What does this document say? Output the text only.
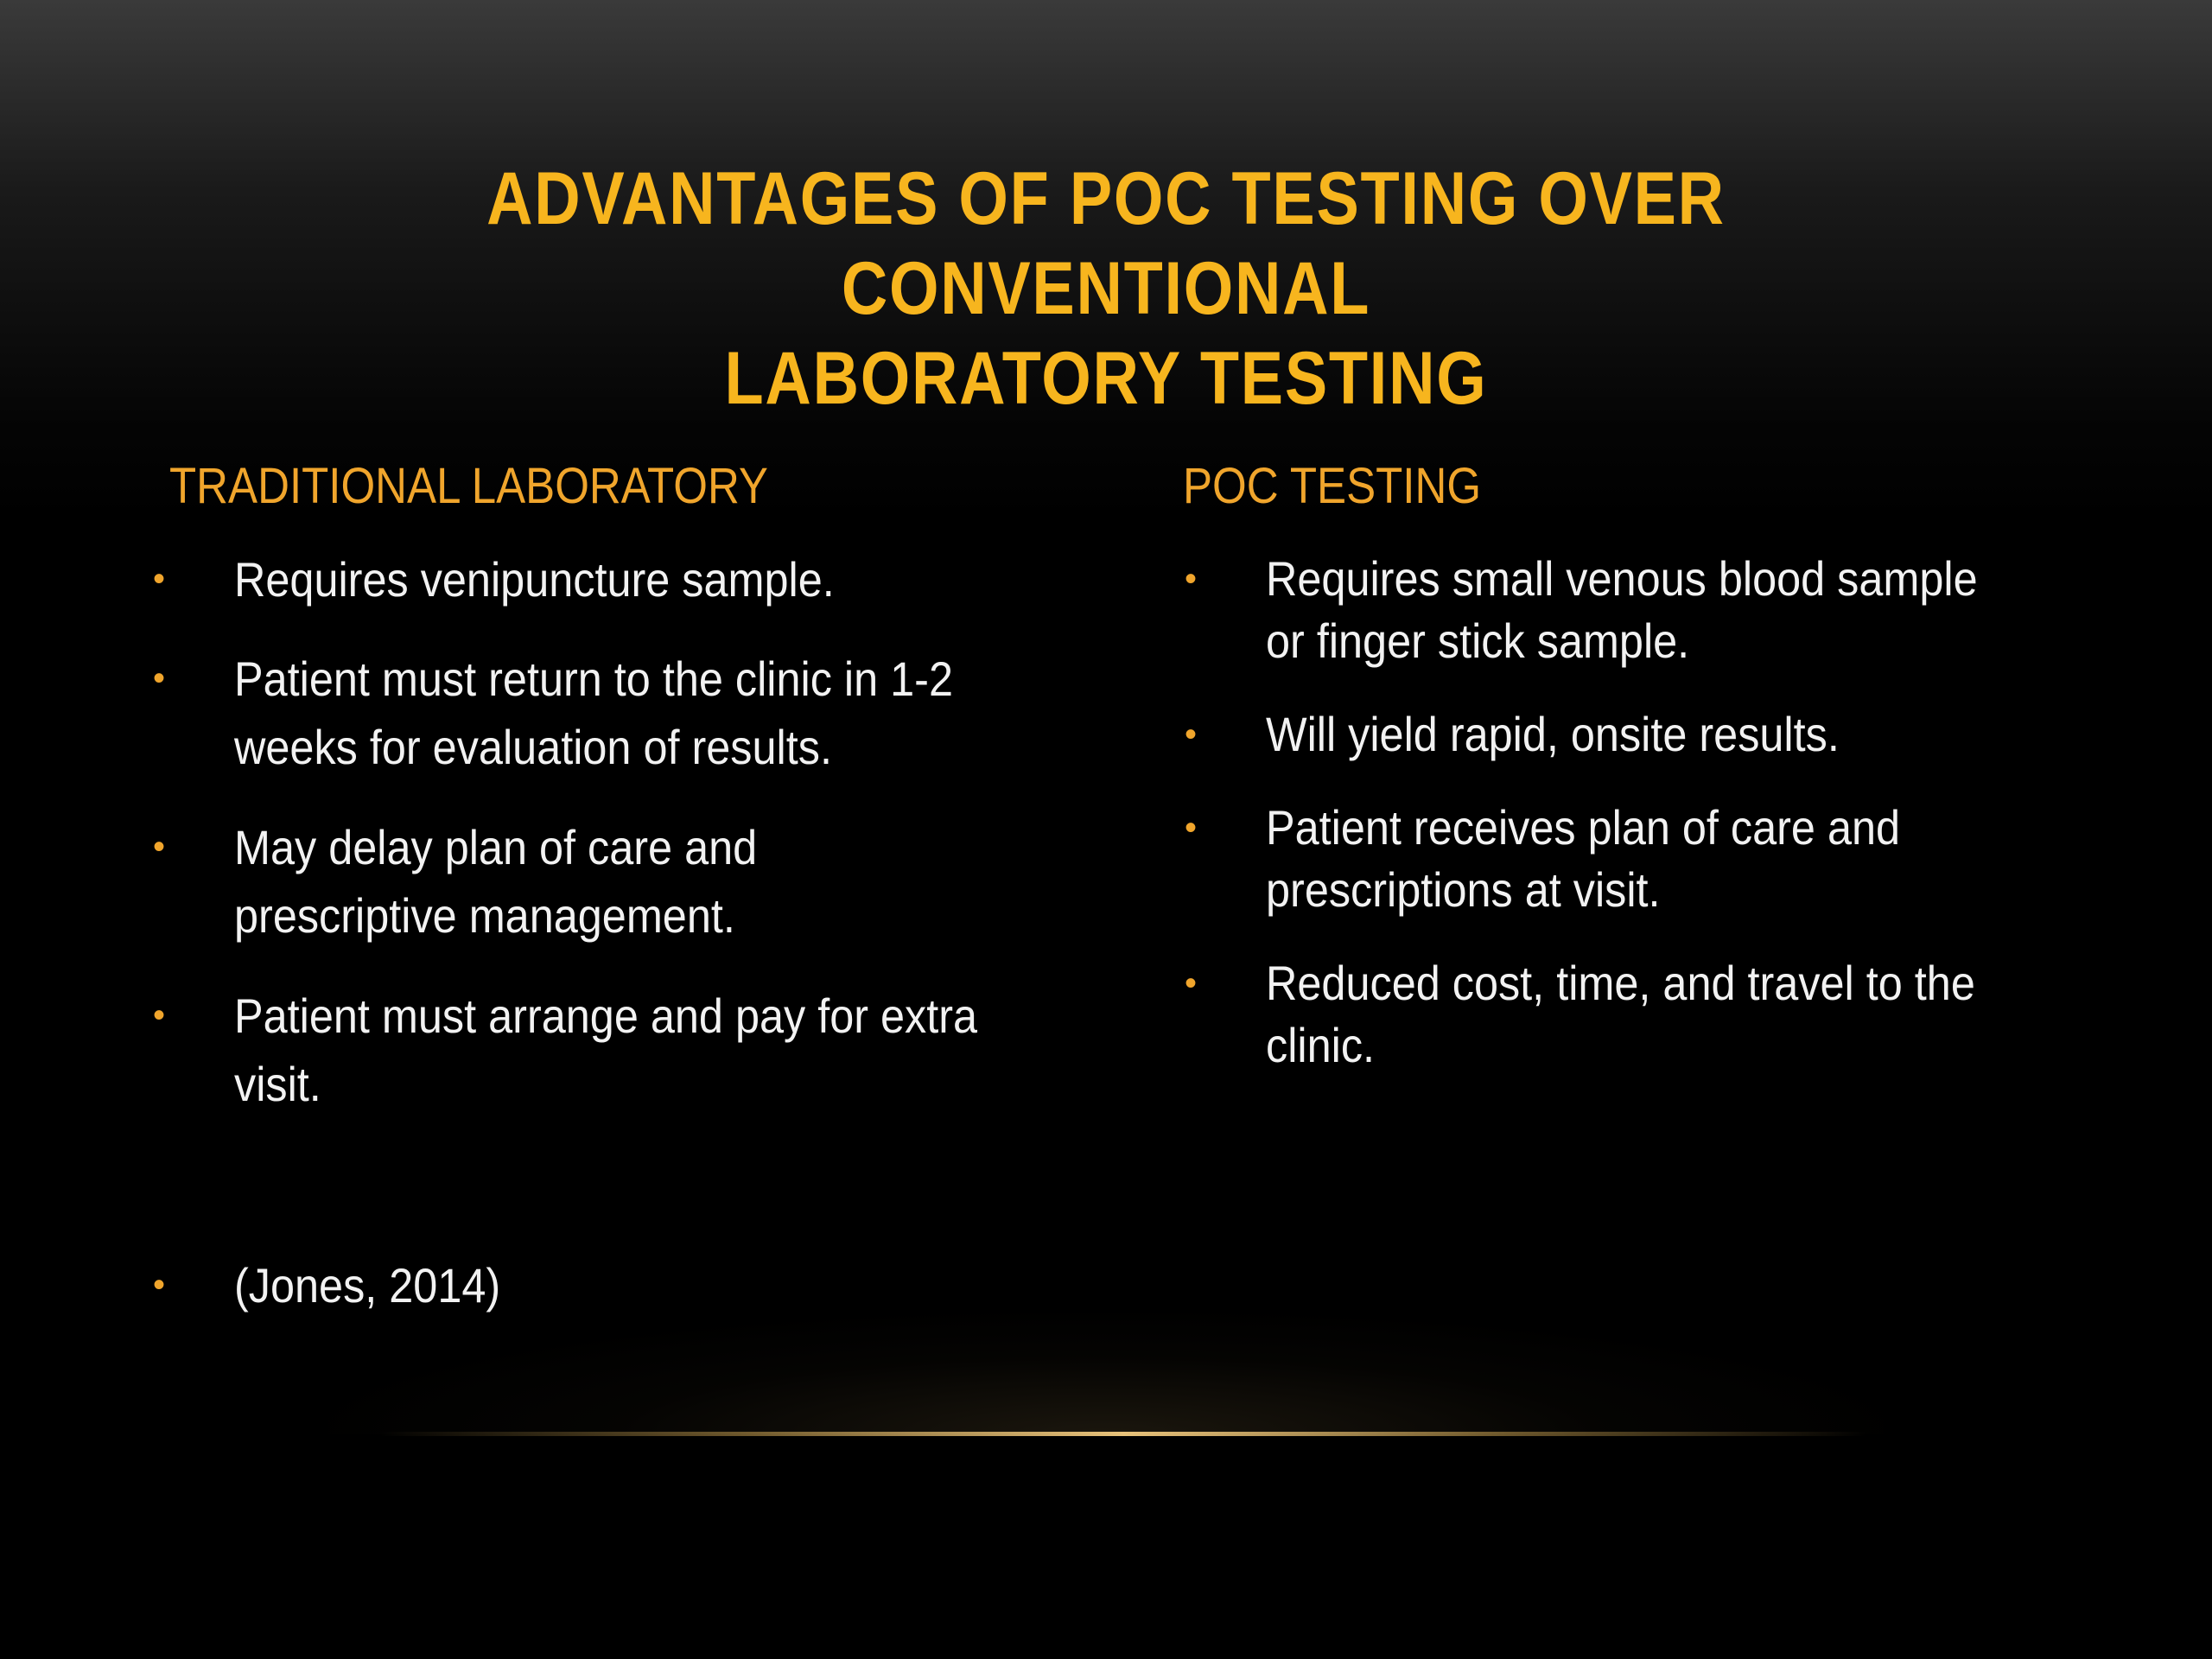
ADVANTAGES OF POC TESTING OVER CONVENTIONAL
LABORATORY TESTING
TRADITIONAL LABORATORY	POC TESTING
• Requires venipuncture sample.
• Patient must return to the clinic in 1-2
weeks for evaluation of results.
• May delay plan of care and
prescriptive management.
• Patient must arrange and pay for extra
visit.
• Requires small venous blood sample
or finger stick sample.
• Will yield rapid, onsite results.
• Patient receives plan of care and
prescriptions at visit.
• Reduced cost, time, and travel to the
clinic.
• (Jones, 2014)
